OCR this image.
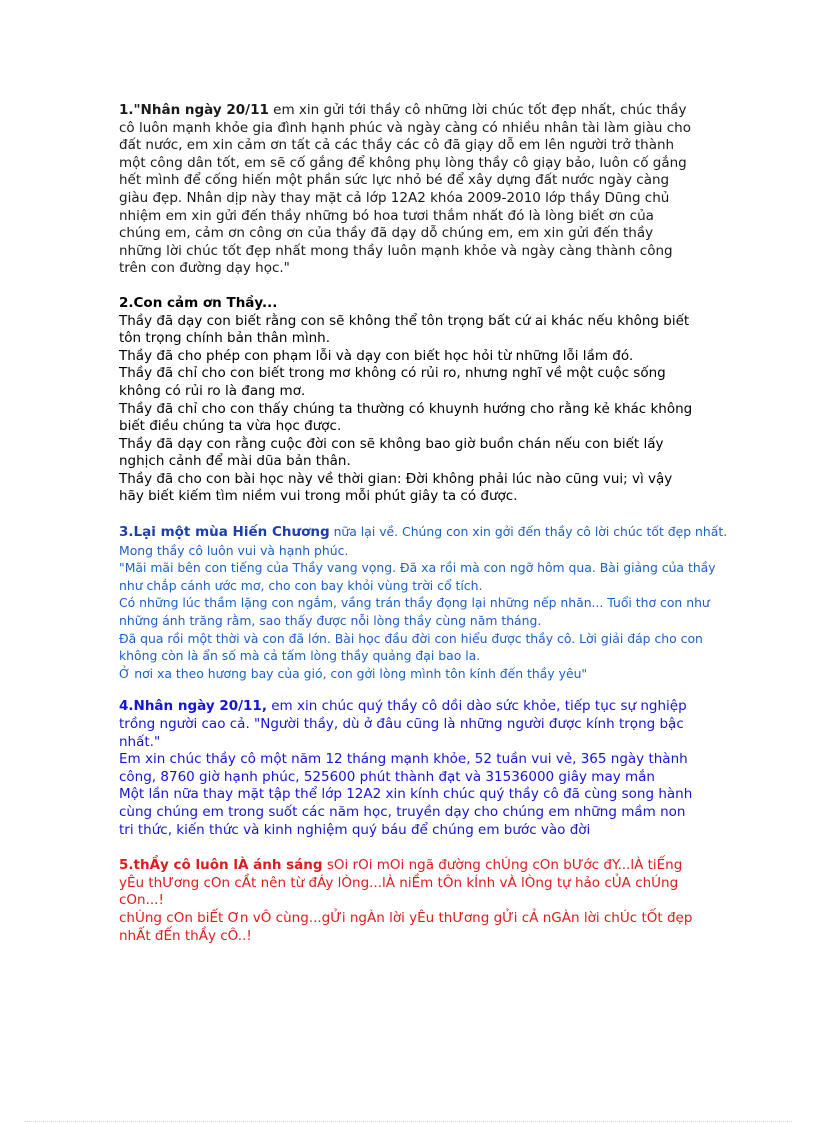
1."Nhân ngày 20/11 em xin gửi tới thầy cô những lời chúc tốt đẹp nhất, chúc thầy
cô luôn mạnh khỏe gia đình hạnh phúc và ngày càng có nhiều nhân tài làm giàu cho
đất nước, em xin cảm ơn tất cả các thầy các cô đã giạy dỗ em lên người trở thành
một công dân tốt, em sẽ cố gắng để không phụ lòng thầy cô giạy bảo, luôn cố gắng
hết mình để cống hiến một phần sức lực nhỏ bé để xây dựng đất nước ngày càng
giàu đẹp. Nhân dịp này thay mặt cả lớp 12A2 khóa 2009-2010 lớp thầy Dũng chủ
nhiệm em xin gửi đến thầy những bó hoa tươi thắm nhất đó là lòng biết ơn của
chúng em, cảm ơn công ơn của thầy đã dạy dỗ chúng em, em xin gửi đến thầy
những lời chúc tốt đẹp nhất mong thầy luôn mạnh khỏe và ngày càng thành công
trên con đường dạy học."
2.Con cảm ơn Thầy...
Thầy đã dạy con biết rằng con sẽ không thể tôn trọng bất cứ ai khác nếu không biết
tôn trọng chính bản thân mình.
Thầy đã cho phép con phạm lỗi và dạy con biết học hỏi từ những lỗi lầm đó.
Thầy đã chỉ cho con biết trong mơ không có rủi ro, nhưng nghĩ về một cuộc sống
không có rủi ro là đang mơ.
Thầy đã chỉ cho con thấy chúng ta thường có khuynh hướng cho rằng kẻ khác không
biết điều chúng ta vừa học được.
Thầy đã dạy con rằng cuộc đời con sẽ không bao giờ buồn chán nếu con biết lấy
nghịch cảnh để mài dũa bản thân.
Thầy đã cho con bài học này về thời gian: Đời không phải lúc nào cũng vui; vì vậy
hãy biết kiếm tìm niềm vui trong mỗi phút giây ta có được.
3.Lại một mùa Hiến Chương nữa lại về. Chúng con xin gởi đến thầy cô lời chúc tốt đẹp nhất.
Mong thầy cô luôn vui và hạnh phúc.
"Mãi mãi bên con tiếng của Thầy vang vọng. Đã xa rồi mà con ngỡ hôm qua. Bài giảng của thầy
như chắp cánh ước mơ, cho con bay khỏi vùng trời cổ tích.
Có những lúc thầm lặng con ngắm, vầng trán thầy đọng lại những nếp nhăn... Tuổi thơ con như
những ánh trăng rằm, sao thấy được nỗi lòng thầy cùng năm tháng.
Đã qua rồi một thời và con đã lớn. Bài học đầu đời con hiểu được thầy cô. Lời giải đáp cho con
không còn là ẩn số mà cả tấm lòng thầy quảng đại bao la.
Ở nơi xa theo hương bay của gió, con gởi lòng mình tôn kính đến thầy yêu"
4.Nhân ngày 20/11, em xin chúc quý thầy cô dồi dào sức khỏe, tiếp tục sự nghiệp
trồng người cao cả. "Người thầy, dù ở đâu cũng là những người được kính trọng bậc
nhất."
Em xin chúc thầy cô một năm 12 tháng mạnh khỏe, 52 tuần vui vẻ, 365 ngày thành
công, 8760 giờ hạnh phúc, 525600 phút thành đạt và 31536000 giây may mắn
Một lần nữa thay mặt tập thể lớp 12A2 xin kính chúc quý thầy cô đã cùng song hành
cùng chúng em trong suốt các năm học, truyền dạy cho chúng em những mầm non
tri thức, kiến thức và kinh nghiệm quý báu để chúng em bước vào đời
5.thẦy cô luôn lÀ ánh sáng sOi rOi mOi ngã đường chÚng cOn bƯớc đY...lÀ tiẾng
yÊu thƯơng cOn cẦt nên từ đÁy lÒng...lÀ niỀm tÔn kÍnh vÀ lÒng tự hảo cỦA chÚng
cOn...!
chÚng cOn biẾt Ơn vÔ cùng...gỬi ngÀn lời yÊu thƯơng gỬi cẢ nGÀn lời chÚc tỐt đẹp
nhẤt đẾn thẦy cÔ..!
